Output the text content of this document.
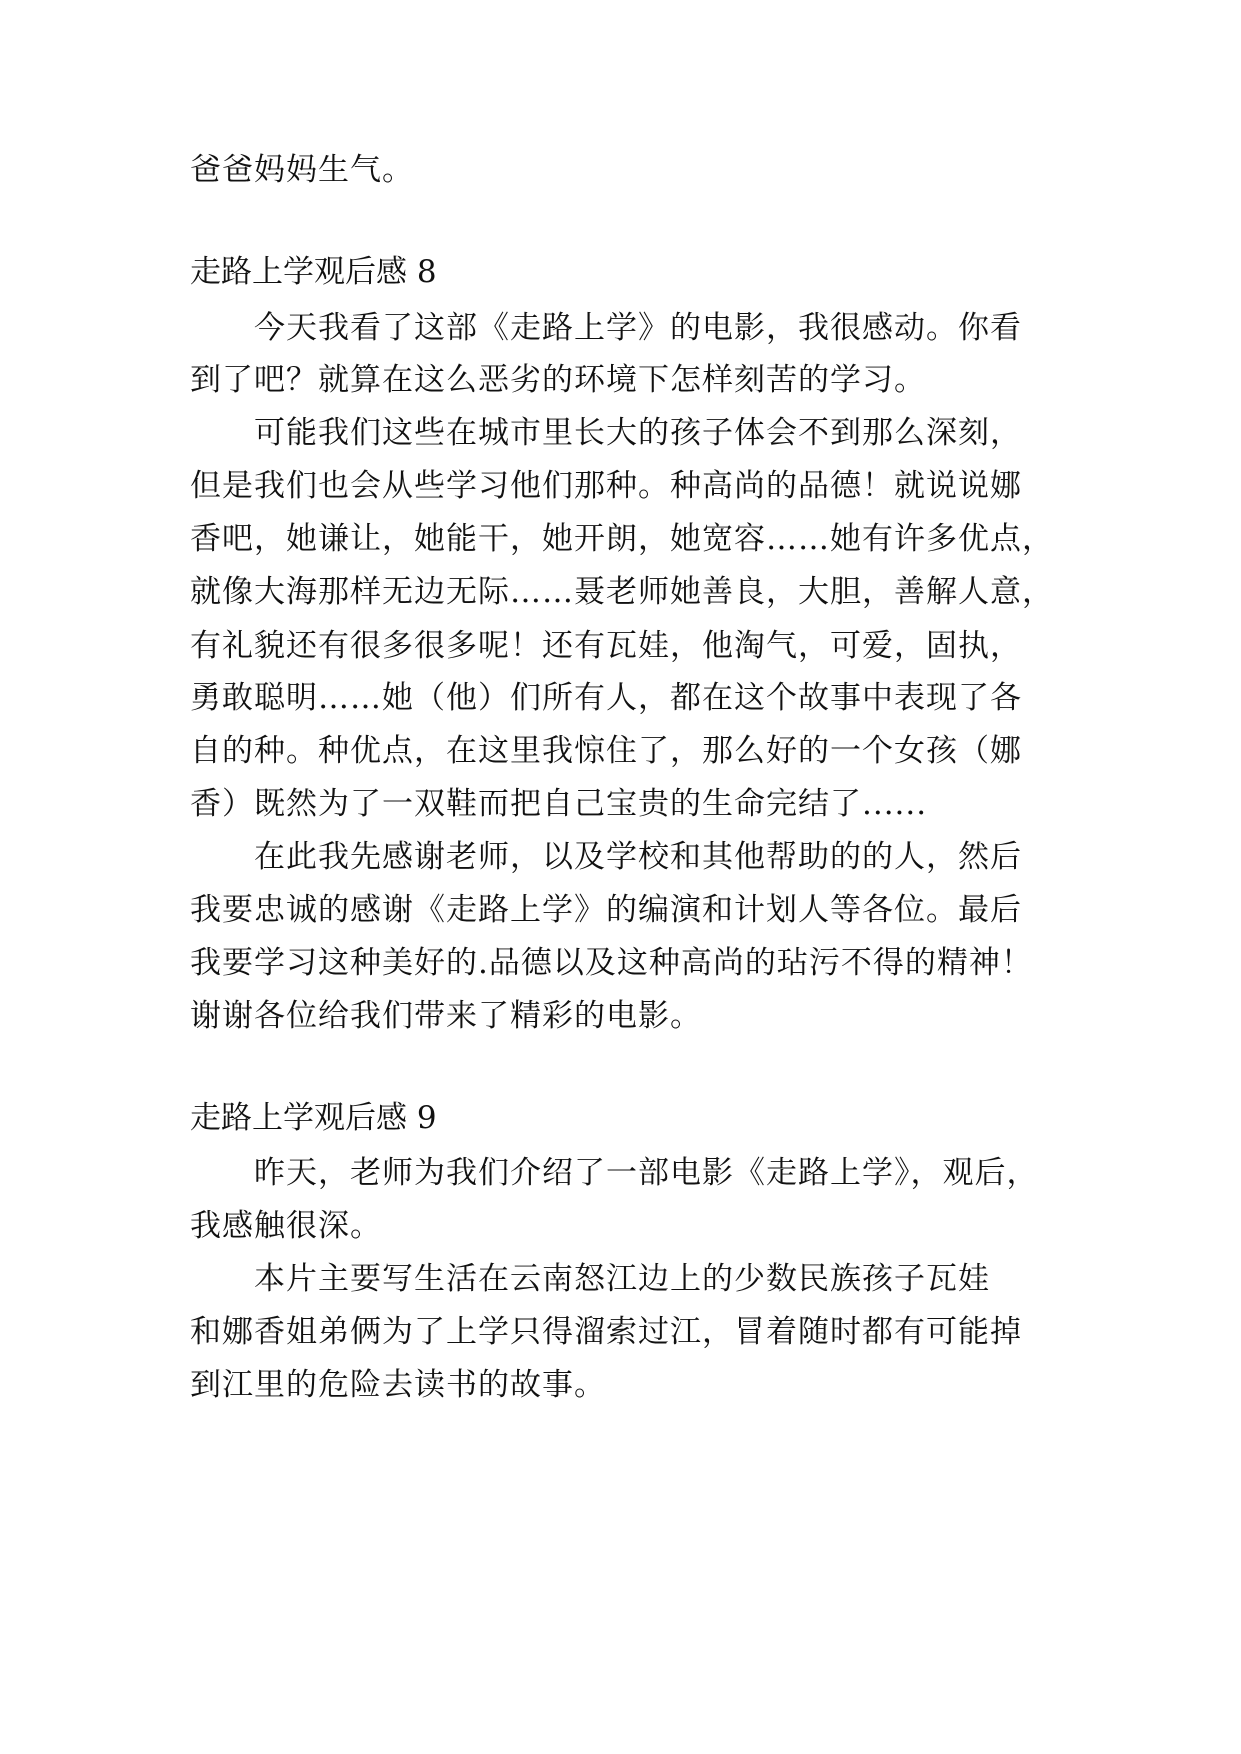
爸爸妈妈生气。
走路上学观后感 8
今天我看了这部《走路上学》的电影，我很感动。你看
到了吧？就算在这么恶劣的环境下怎样刻苦的学习。
可能我们这些在城市里长大的孩子体会不到那么深刻，
但是我们也会从些学习他们那种。种高尚的品德！就说说娜
香吧，她谦让，她能干，她开朗，她宽容……她有许多优点，
就像大海那样无边无际……聂老师她善良，大胆，善解人意，
有礼貌还有很多很多呢！还有瓦娃，他淘气，可爱，固执，
勇敢聪明……她（他）们所有人，都在这个故事中表现了各
自的种。种优点，在这里我惊住了，那么好的一个女孩（娜
香）既然为了一双鞋而把自己宝贵的生命完结了......
在此我先感谢老师，以及学校和其他帮助的的人，然后
我要忠诚的感谢《走路上学》的编演和计划人等各位。最后
我要学习这种美好的.品德以及这种高尚的玷污不得的精神！
谢谢各位给我们带来了精彩的电影。
走路上学观后感 9
昨天，老师为我们介绍了一部电影《走路上学》，观后，
我感触很深。
本片主要写生活在云南怒江边上的少数民族孩子瓦娃
和娜香姐弟俩为了上学只得溜索过江，冒着随时都有可能掉
到江里的危险去读书的故事。
